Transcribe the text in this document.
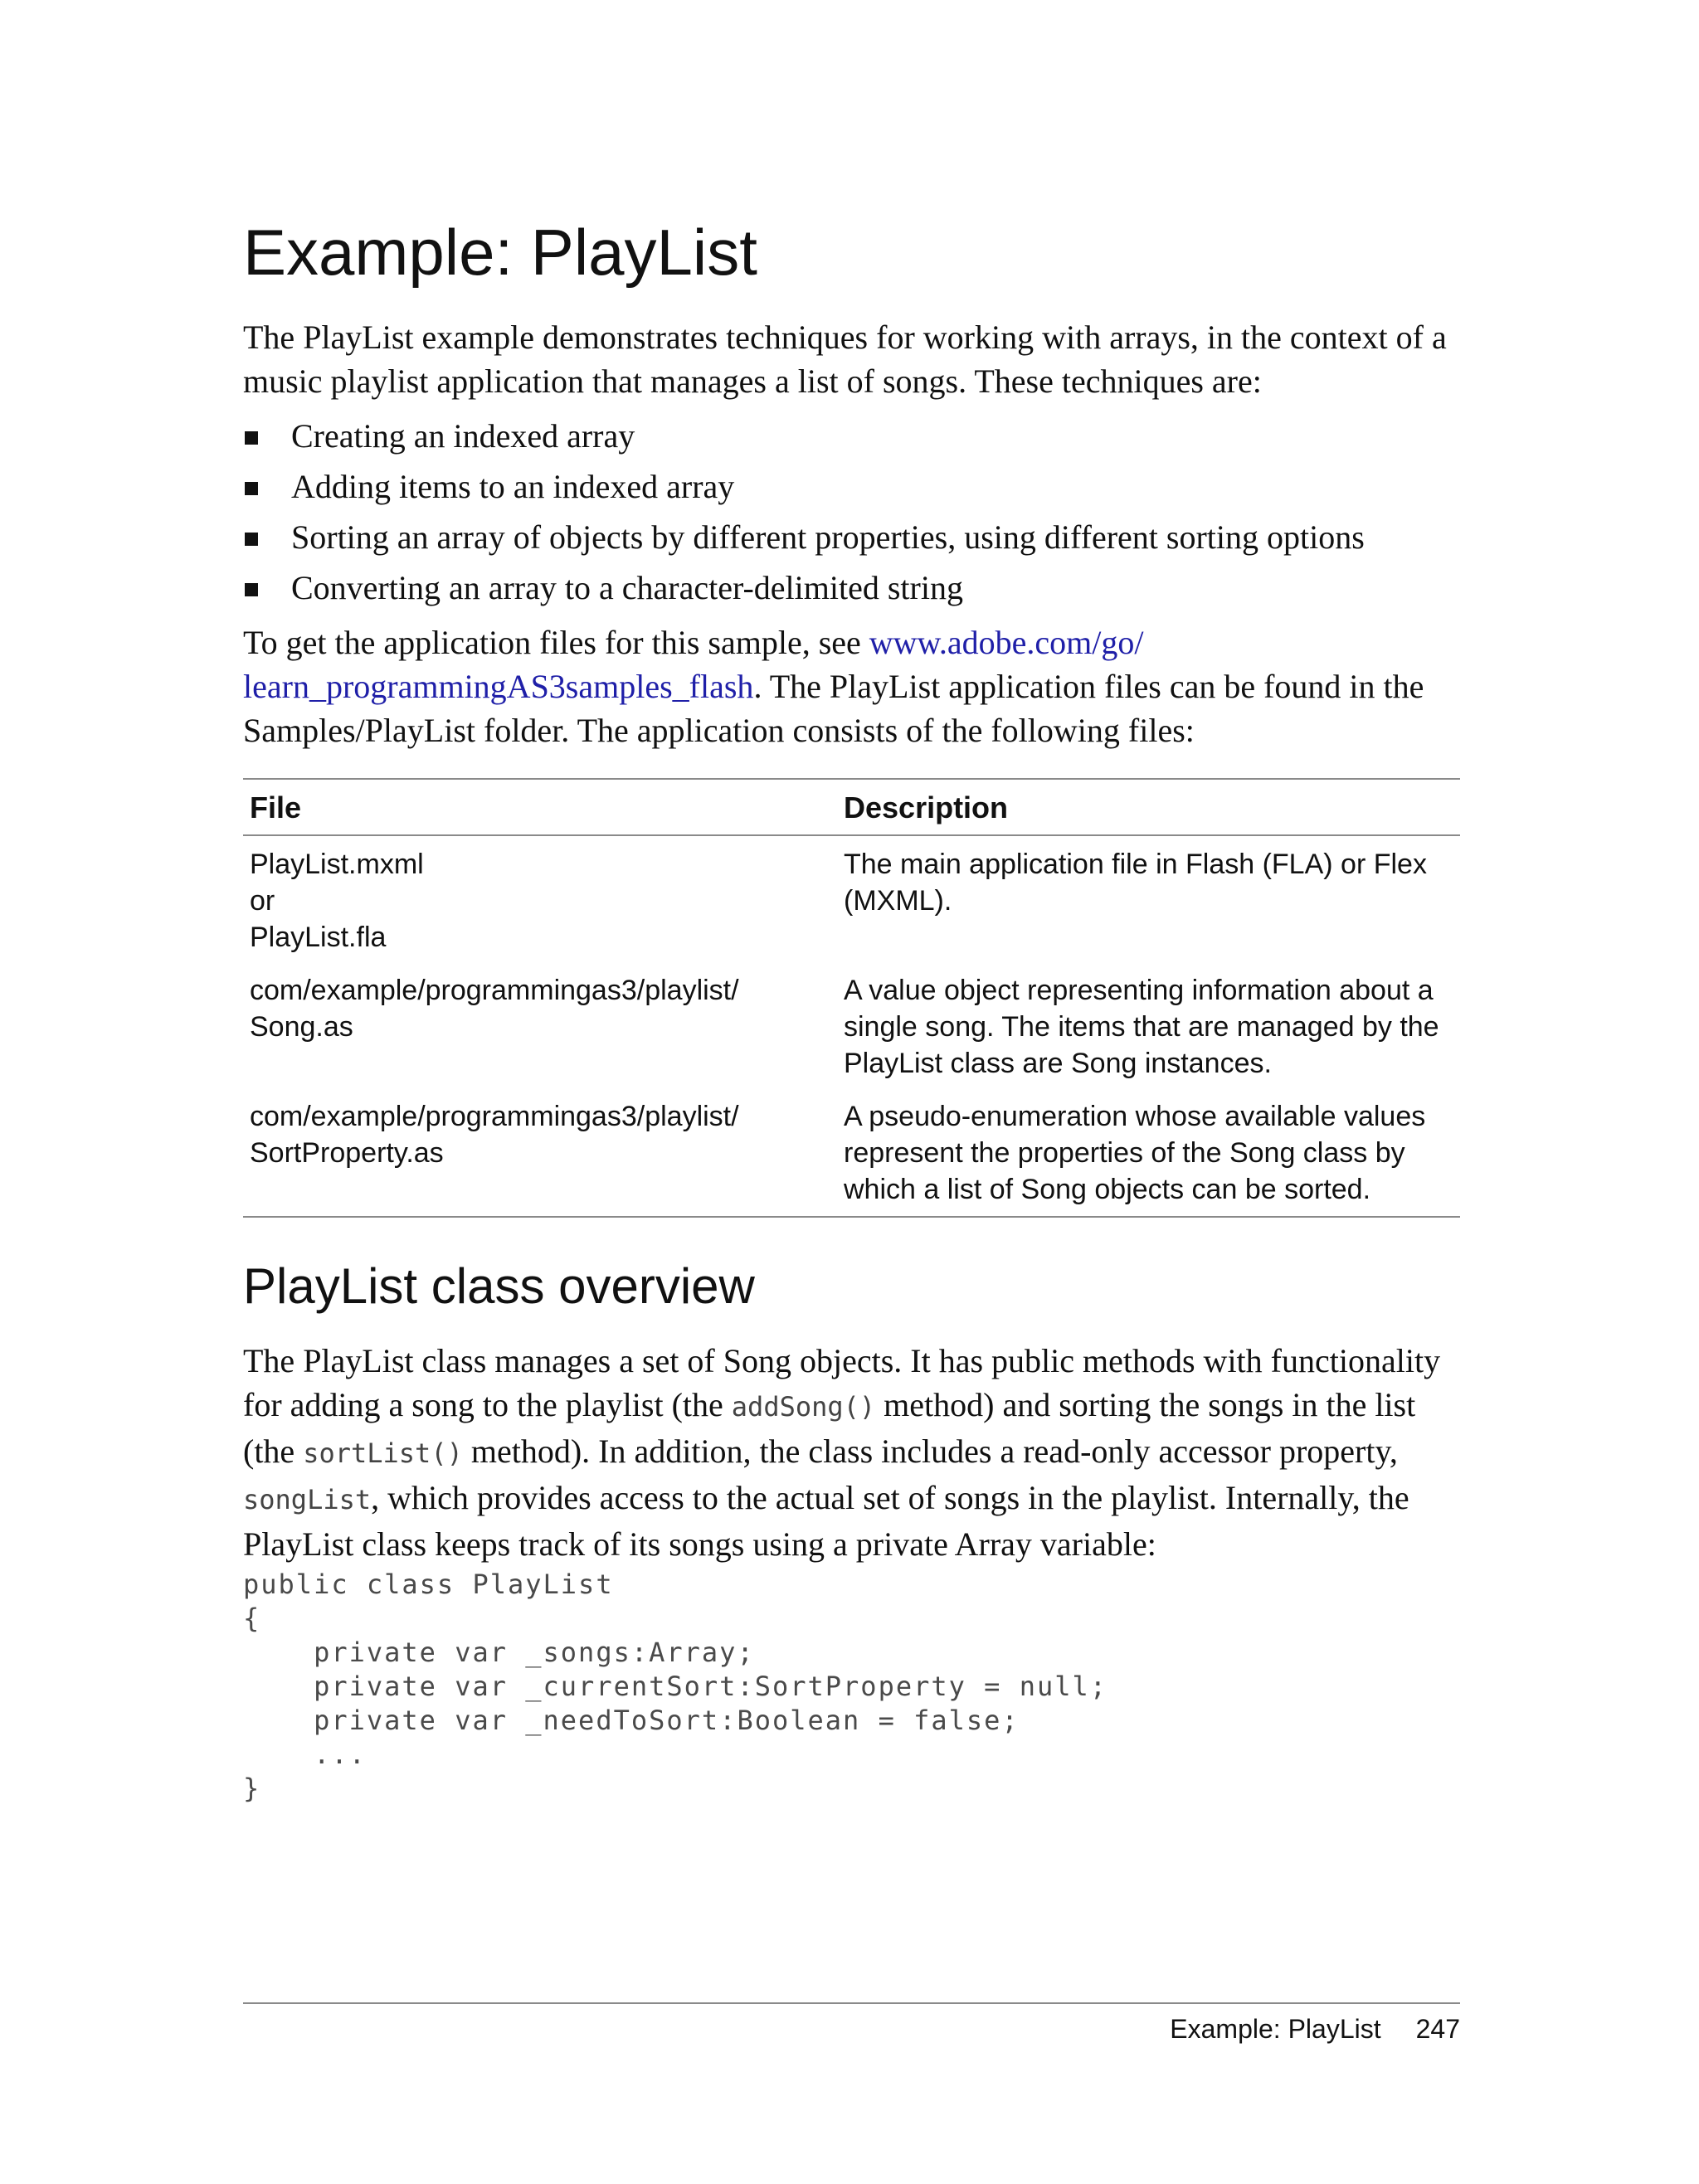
Example: PlayList

The PlayList example demonstrates techniques for working with arrays, in the context of a music playlist application that manages a list of songs. These techniques are:

Creating an indexed array
Adding items to an indexed array
Sorting an array of objects by different properties, using different sorting options
Converting an array to a character-delimited string

To get the application files for this sample, see www.adobe.com/go/
learn_programmingAS3samples_flash. The PlayList application files can be found in the Samples/PlayList folder. The application consists of the following files:

File	Description

PlayList.mxml
or
PlayList.fla	The main application file in Flash (FLA) or Flex (MXML).

com/example/programmingas3/playlist/
Song.as	A value object representing information about a single song. The items that are managed by the PlayList class are Song instances.

com/example/programmingas3/playlist/
SortProperty.as	A pseudo-enumeration whose available values represent the properties of the Song class by which a list of Song objects can be sorted.
PlayList class overview

The PlayList class manages a set of Song objects. It has public methods with functionality for adding a song to the playlist (the addSong() method) and sorting the songs in the list (the sortList() method). In addition, the class includes a read-only accessor property, songList, which provides access to the actual set of songs in the playlist. Internally, the PlayList class keeps track of its songs using a private Array variable:

public class PlayList
{
private var _songs:Array;
private var _currentSort:SortProperty = null;
private var _needToSort:Boolean = false;
...
}
Example: PlayList 247
